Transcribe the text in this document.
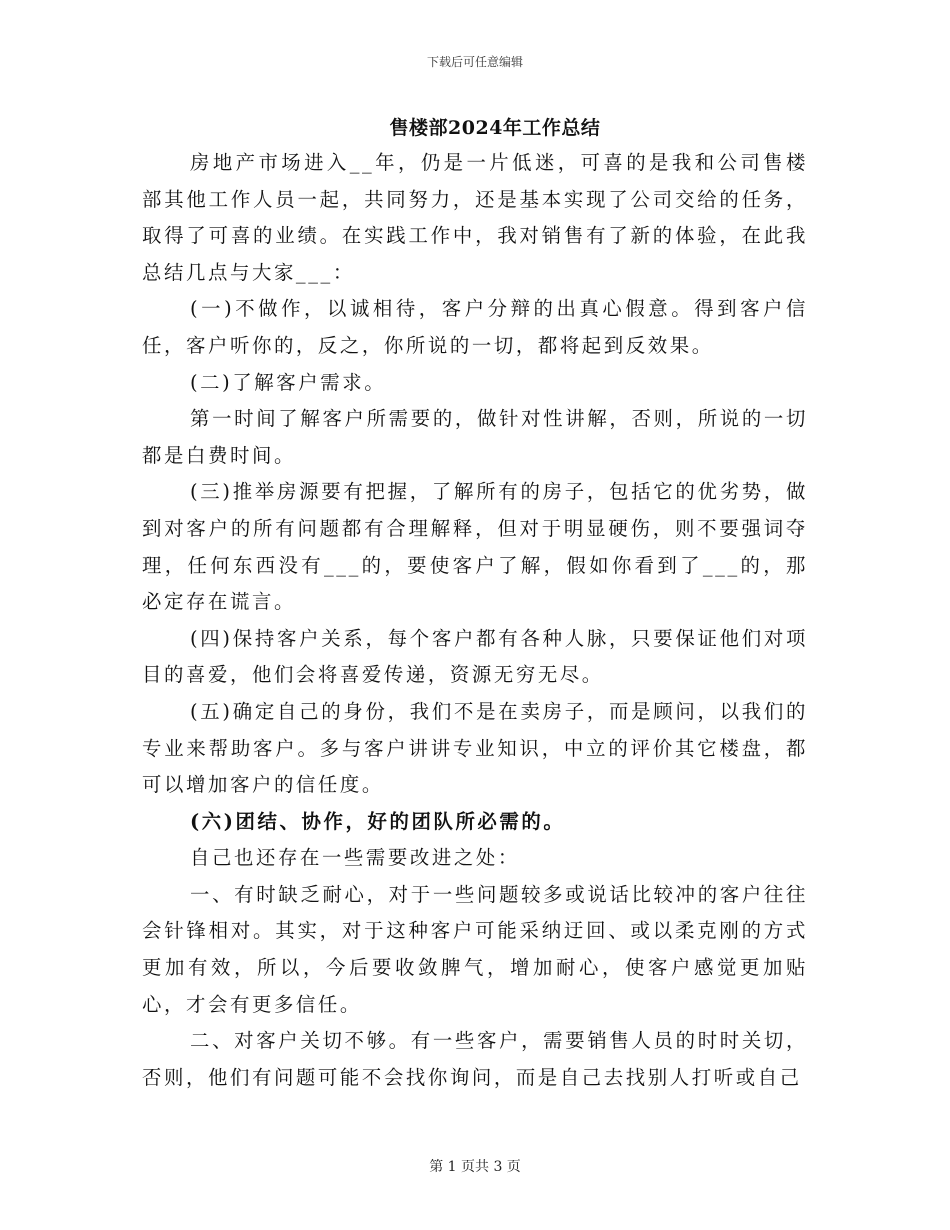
下载后可任意编辑
售楼部2024年工作总结

房地产市场进入__年，仍是一片低迷，可喜的是我和公司售楼部其他工作人员一起，共同努力，还是基本实现了公司交给的任务，取得了可喜的业绩。在实践工作中，我对销售有了新的体验，在此我总结几点与大家___：

(一)不做作，以诚相待，客户分辩的出真心假意。得到客户信任，客户听你的，反之，你所说的一切，都将起到反效果。

(二)了解客户需求。

第一时间了解客户所需要的，做针对性讲解，否则，所说的一切都是白费时间。

(三)推举房源要有把握，了解所有的房子，包括它的优劣势，做到对客户的所有问题都有合理解释，但对于明显硬伤，则不要强词夺理，任何东西没有___的，要使客户了解，假如你看到了___的，那必定存在谎言。

(四)保持客户关系，每个客户都有各种人脉，只要保证他们对项目的喜爱，他们会将喜爱传递，资源无穷无尽。

(五)确定自己的身份，我们不是在卖房子，而是顾问，以我们的专业来帮助客户。多与客户讲讲专业知识，中立的评价其它楼盘，都可以增加客户的信任度。

(六)团结、协作，好的团队所必需的。

自己也还存在一些需要改进之处：

一、有时缺乏耐心，对于一些问题较多或说话比较冲的客户往往会针锋相对。其实，对于这种客户可能采纳迂回、或以柔克刚的方式更加有效，所以，今后要收敛脾气，增加耐心，使客户感觉更加贴心，才会有更多信任。

二、对客户关切不够。有一些客户，需要销售人员的时时关切，否则，他们有问题可能不会找你询问，而是自己去找别人打听或自己

第 1 页共 3 页
